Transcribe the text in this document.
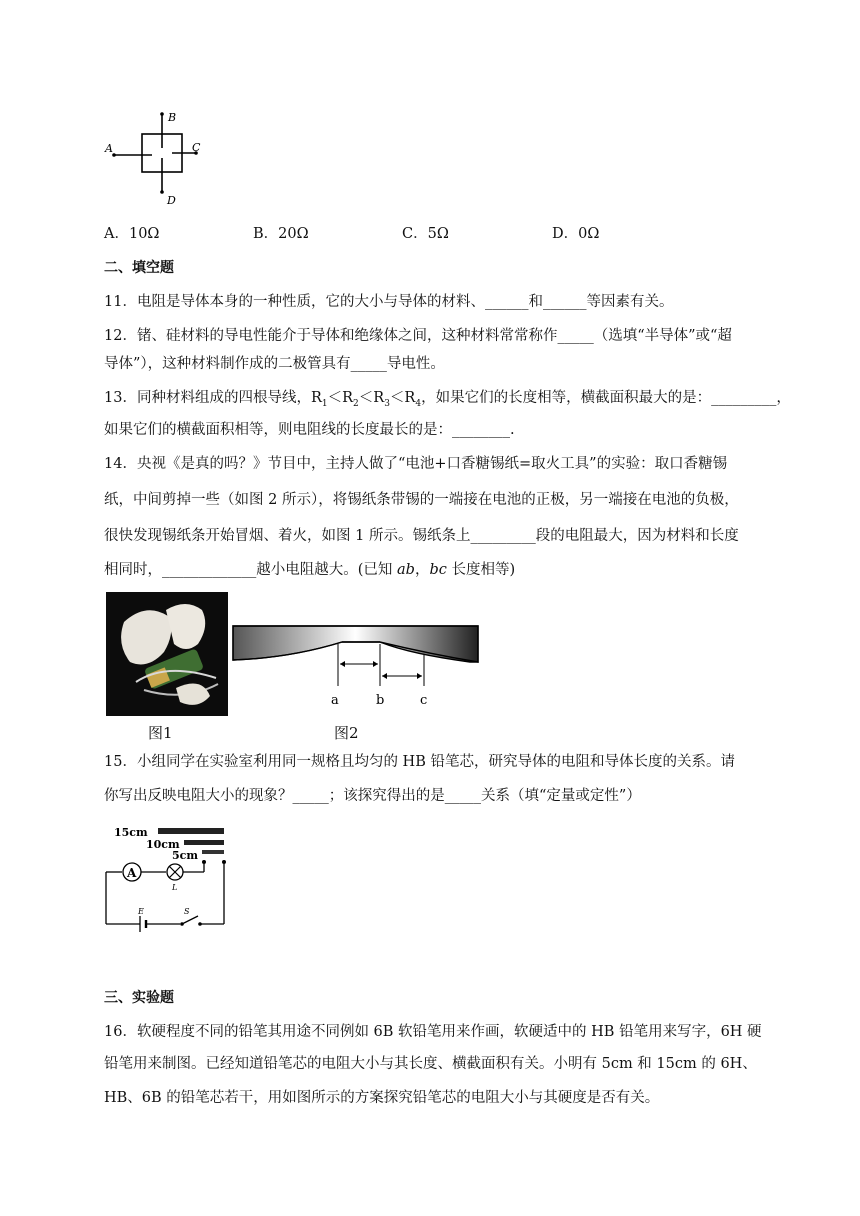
B
A	C
D
A．10Ω	B．20Ω	C．5Ω	D．0Ω
二、填空题
11．电阻是导体本身的一种性质，它的大小与导体的材料、______和______等因素有关。
12．锗、硅材料的导电性能介于导体和绝缘体之间，这种材料常常称作_____（选填“半导体”或“超
导体”），这种材料制作成的二极管具有_____导电性。
13．同种材料组成的四根导线，$R_1<R_2<R_3<R_4$，如果它们的长度相等，横截面积最大的是：_________，
如果它们的横截面积相等，则电阻线的长度最长的是：________.
14．央视《是真的吗？》节目中，主持人做了“电池+口香糖锡纸=取火工具”的实验：取口香糖锡
纸，中间剪掉一些（如图 2 所示），将锡纸条带锡的一端接在电池的正极，另一端接在电池的负极，
很快发现锡纸条开始冒烟、着火，如图 1 所示。锡纸条上_________段的电阻最大，因为材料和长度
相同时，_____________越小电阻越大。(已知 ab，bc 长度相等)
a	b	c
图1	图2
15．小组同学在实验室利用同一规格且均匀的 HB 铅笔芯，研究导体的电阻和导体长度的关系。请
你写出反映电阻大小的现象？_____；该探究得出的是_____关系（填“定量或定性”）
15cm
10cm
5cm
A
L
E	S
三、实验题
16．软硬程度不同的铅笔其用途不同例如 6B 软铅笔用来作画，软硬适中的 HB 铅笔用来写字，6H 硬
铅笔用来制图。已经知道铅笔芯的电阻大小与其长度、横截面积有关。小明有 5cm 和 15cm 的 6H、
HB、6B 的铅笔芯若干，用如图所示的方案探究铅笔芯的电阻大小与其硬度是否有关。
